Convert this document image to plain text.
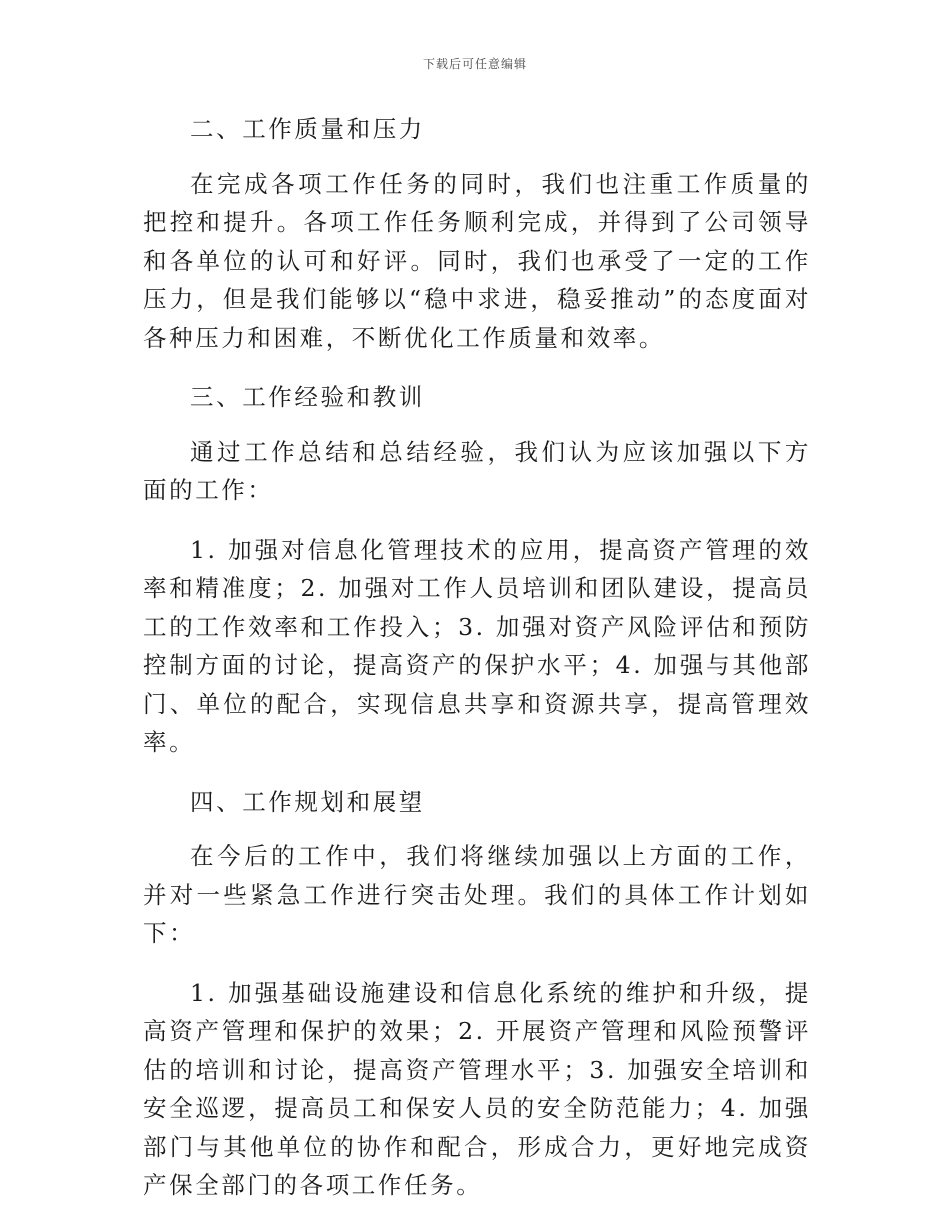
下载后可任意编辑

二、工作质量和压力

在完成各项工作任务的同时，我们也注重工作质量的把控和提升。各项工作任务顺利完成，并得到了公司领导和各单位的认可和好评。同时，我们也承受了一定的工作压力，但是我们能够以“稳中求进，稳妥推动”的态度面对各种压力和困难，不断优化工作质量和效率。

三、工作经验和教训

通过工作总结和总结经验，我们认为应该加强以下方面的工作：

1. 加强对信息化管理技术的应用，提高资产管理的效率和精准度；2. 加强对工作人员培训和团队建设，提高员工的工作效率和工作投入；3. 加强对资产风险评估和预防控制方面的讨论，提高资产的保护水平；4. 加强与其他部门、单位的配合，实现信息共享和资源共享，提高管理效率。

四、工作规划和展望

在今后的工作中，我们将继续加强以上方面的工作，并对一些紧急工作进行突击处理。我们的具体工作计划如下：

1. 加强基础设施建设和信息化系统的维护和升级，提高资产管理和保护的效果；2. 开展资产管理和风险预警评估的培训和讨论，提高资产管理水平；3. 加强安全培训和安全巡逻，提高员工和保安人员的安全防范能力；4. 加强部门与其他单位的协作和配合，形成合力，更好地完成资产保全部门的各项工作任务。
